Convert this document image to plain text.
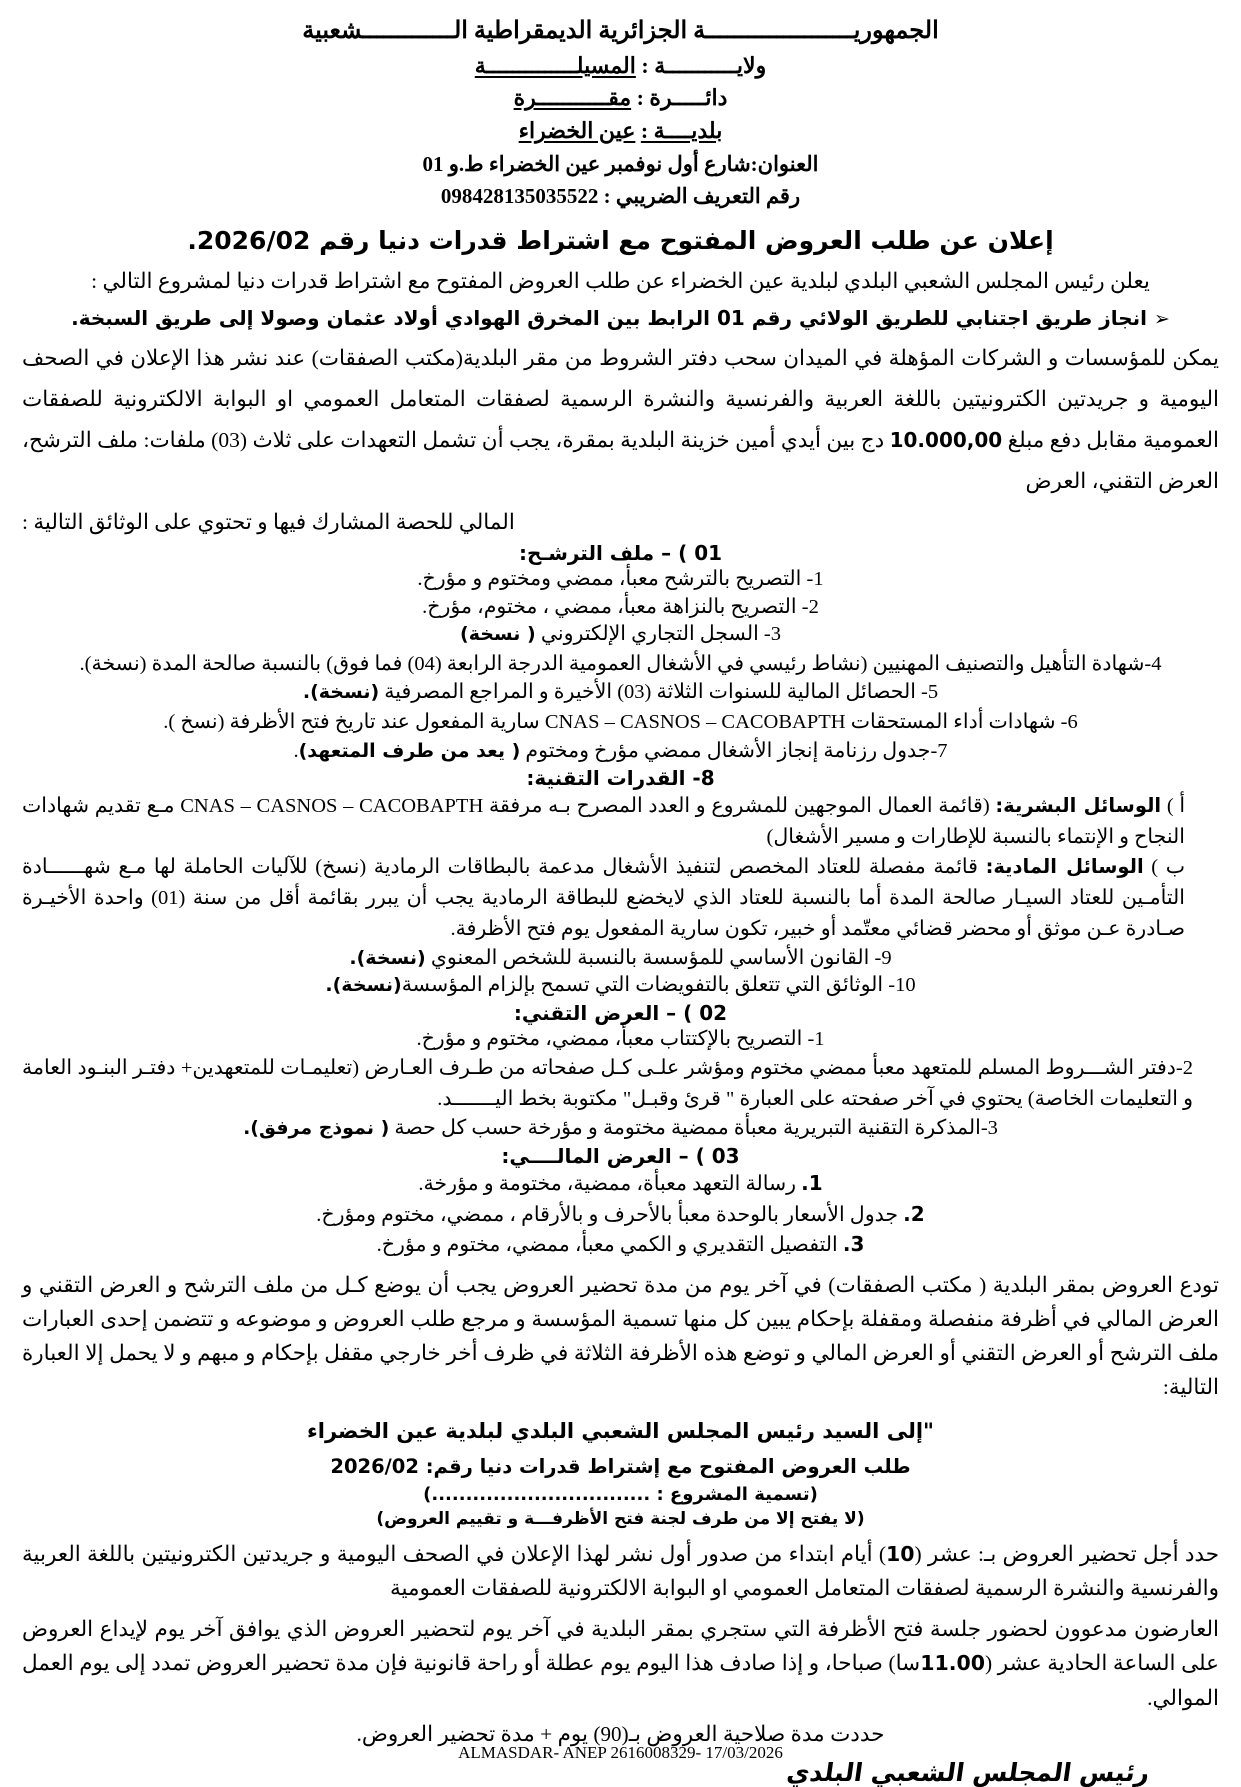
الجمهوريـــــــــــــــــــــة الجزائرية الديمقراطية الـــــــــــــشعبية
ولايـــــــــــة : المسيلــــــــــــــة
دائـــــرة : مقـــــــــــرة
بلديــــة : عين الخضراء
العنوان:شارع أول نوفمبر عين الخضراء ط.و 01
رقم التعريف الضريبي : 098428135035522
إعلان عن طلب العروض المفتوح مع اشتراط قدرات دنيا رقم 2026/02.
يعلن رئيس المجلس الشعبي البلدي لبلدية عين الخضراء عن طلب العروض المفتوح مع اشتراط قدرات دنيا لمشروع التالي :
➢ انجاز طريق اجتنابي للطريق الولائي رقم 01 الرابط بين المخرق الهوادي أولاد عثمان وصولا إلى طريق السبخة.
يمكن للمؤسسات و الشركات المؤهلة في الميدان سحب دفتر الشروط من مقر البلدية(مكتب الصفقات) عند نشر هذا الإعلان في الصحف اليومية و جريدتين الكترونيتين باللغة العربية والفرنسية والنشرة الرسمية لصفقات المتعامل العمومي او البوابة الالكترونية للصفقات العمومية مقابل دفع مبلغ 10.000,00 دج بين أيدي أمين خزينة البلدية بمقرة، يجب أن تشمل التعهدات على ثلاث (03) ملفات: ملف الترشح، العرض التقني، العرض
المالي للحصة المشارك فيها و تحتوي على الوثائق التالية :
01 ) – ملف الترشـح:
1- التصريح بالترشح معبأ، ممضي ومختوم و مؤرخ.
2- التصريح بالنزاهة معبأ، ممضي ، مختوم، مؤرخ.
3- السجل التجاري الإلكتروني ( نسخة)
4-شهادة التأهيل والتصنيف المهنيين (نشاط رئيسي في الأشغال العمومية الدرجة الرابعة (04) فما فوق) بالنسبة صالحة المدة (نسخة).
5- الحصائل المالية للسنوات الثلاثة (03) الأخيرة و المراجع المصرفية (نسخة).
6- شهادات أداء المستحقات CNAS – CASNOS – CACOBAPTH سارية المفعول عند تاريخ فتح الأظرفة (نسخ ).
7-جدول رزنامة إنجاز الأشغال ممضي مؤرخ ومختوم ( يعد من طرف المتعهد).
8- القدرات التقنية:
أ ) الوسائل البشرية: (قائمة العمال الموجهين للمشروع و العدد المصرح بـه مرفقة CNAS – CASNOS – CACOBAPTH مـع تقديم شهادات النجاح و الإنتماء بالنسبة للإطارات و مسير الأشغال)
ب ) الوسائل المادية: قائمة مفصلة للعتاد المخصص لتنفيذ الأشغال مدعمة بالبطاقات الرمادية (نسخ) للآليات الحاملة لها مـع شهــــــادة التأمـين للعتاد السيـار صالحة المدة أما بالنسبة للعتاد الذي لايخضع للبطاقة الرمادية يجب أن يبرر بقائمة أقل من سنة (01) واحدة الأخيـرة صـادرة عـن موثق أو محضر قضائي معتّمد أو خبير، تكون سارية المفعول يوم فتح الأظرفة.
9- القانون الأساسي للمؤسسة بالنسبة للشخص المعنوي (نسخة).
10- الوثائق التي تتعلق بالتفويضات التي تسمح بإلزام المؤسسة(نسخة).
02 ) – العرض التقني:
1- التصريح بالإكتتاب معبأ، ممضي، مختوم و مؤرخ.
2-دفتر الشـــروط المسلم للمتعهد معبأ ممضي مختوم ومؤشر علـى كـل صفحاته من طـرف العـارض (تعليمـات للمتعهدين+ دفتـر البنـود العامة و التعليمات الخاصة) يحتوي في آخر صفحته على العبارة " قرئ وقبـل" مكتوبة بخط اليـــــــد.
3-المذكرة التقنية التبريرية معبأة ممضية مختومة و مؤرخة حسب كل حصة ( نموذج مرفق).
03 ) – العرض المالــــي:
1. رسالة التعهد معبأة، ممضية، مختومة و مؤرخة.
2. جدول الأسعار بالوحدة معبأ بالأحرف و بالأرقام ، ممضي، مختوم ومؤرخ.
3. التفصيل التقديري و الكمي معبأ، ممضي، مختوم و مؤرخ.
تودع العروض بمقر البلدية ( مكتب الصفقات) في آخر يوم من مدة تحضير العروض يجب أن يوضع كـل من ملف الترشح و العرض التقني و العرض المالي في أظرفة منفصلة ومقفلة بإحكام يبين كل منها تسمية المؤسسة و مرجع طلب العروض و موضوعه و تتضمن إحدى العبارات ملف الترشح أو العرض التقني أو العرض المالي و توضع هذه الأظرفة الثلاثة في ظرف أخر خارجي مقفل بإحكام و مبهم و لا يحمل إلا العبارة التالية:
"إلى السيد رئيس المجلس الشعبي البلدي لبلدية عين الخضراء
طلب العروض المفتوح مع إشتراط قدرات دنيا رقم: 2026/02
(تسمية المشروع : ................................)
(لا يفتح إلا من طرف لجنة فتح الأظرفـــة و تقييم العروض)
حدد أجل تحضير العروض بـ: عشر (10) أيام ابتداء من صدور أول نشر لهذا الإعلان في الصحف اليومية و جريدتين الكترونيتين باللغة العربية والفرنسية والنشرة الرسمية لصفقات المتعامل العمومي او البوابة الالكترونية للصفقات العمومية
العارضون مدعوون لحضور جلسة فتح الأظرفة التي ستجري بمقر البلدية في آخر يوم لتحضير العروض الذي يوافق آخر يوم لإيداع العروض على الساعة الحادية عشر (11.00سا) صباحا، و إذا صادف هذا اليوم يوم عطلة أو راحة قانونية فإن مدة تحضير العروض تمدد إلى يوم العمل الموالي.
حددت مدة صلاحية العروض بـ(90) يوم + مدة تحضير العروض.
رئيس المجلس الشعبي البلدي
ALMASDAR- ANEP 2616008329- 17/03/2026
